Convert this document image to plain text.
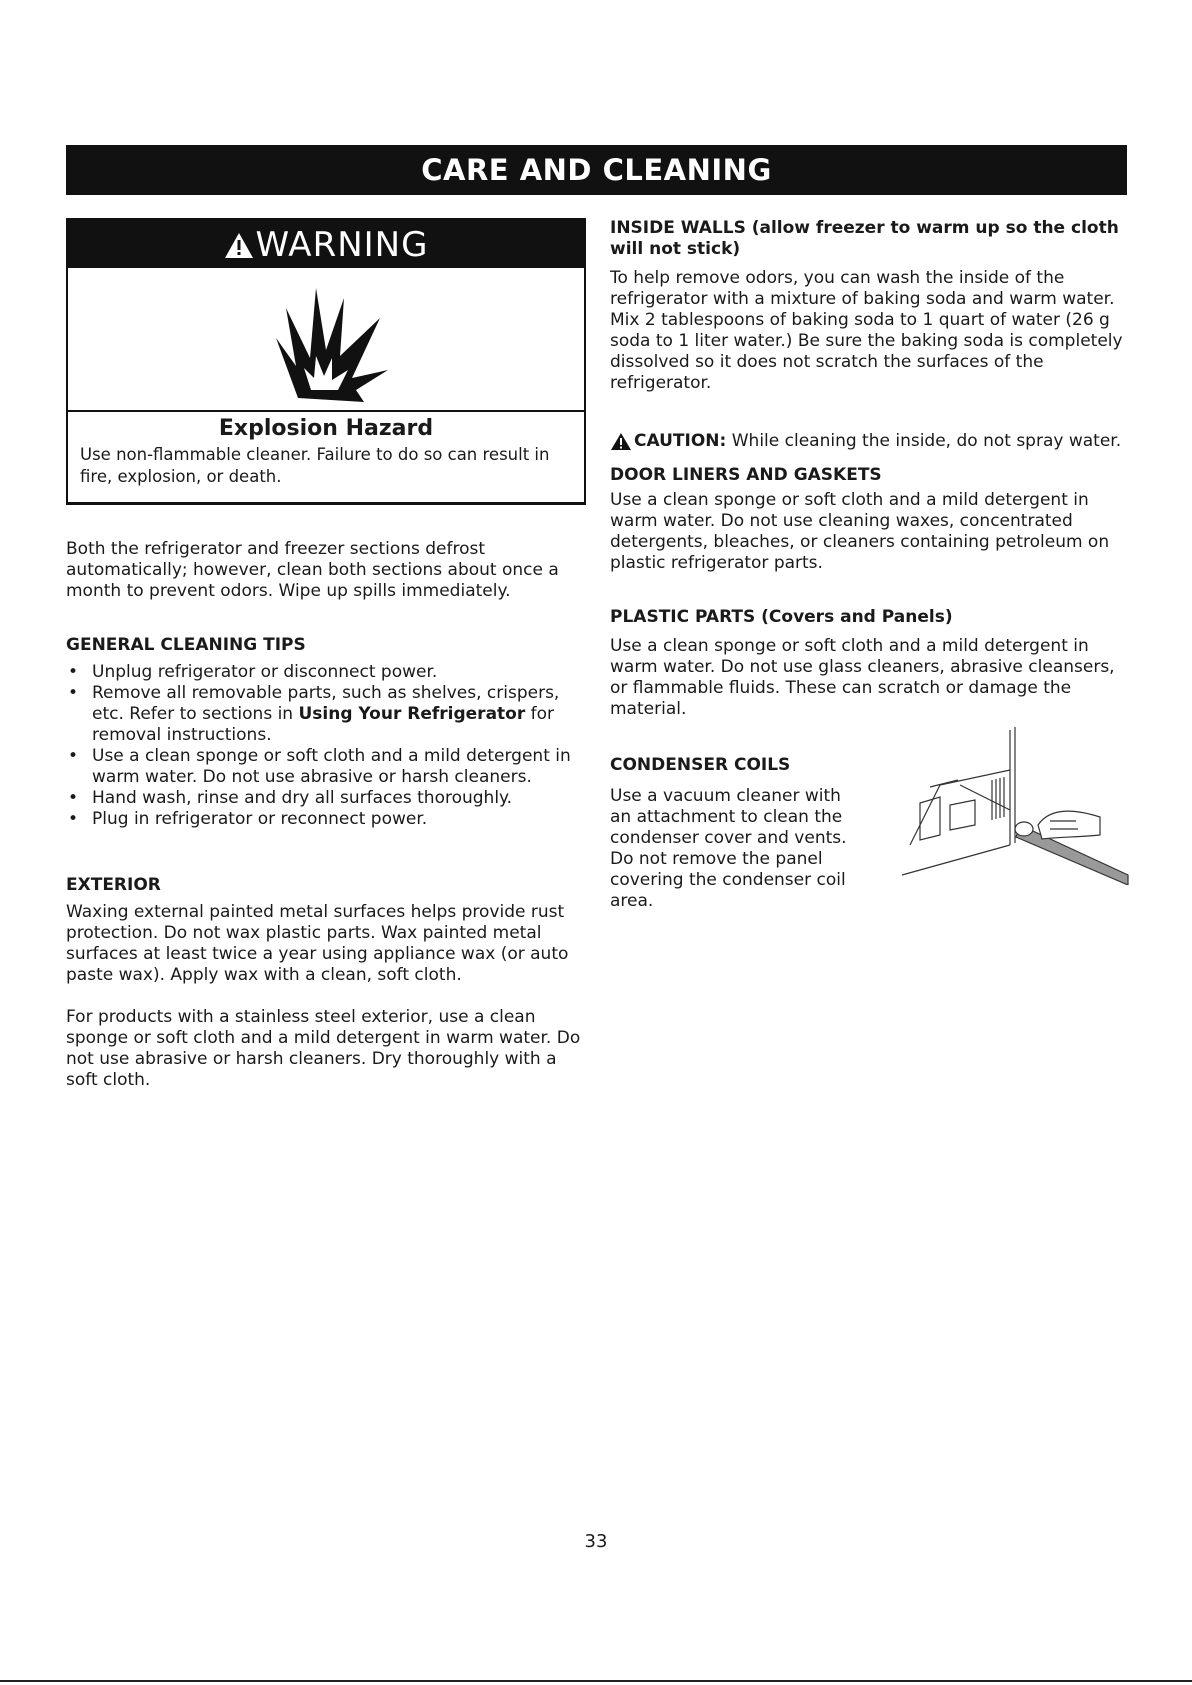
CARE AND CLEANING
WARNING
Explosion Hazard
Use non-flammable cleaner. Failure to do so can result in fire, explosion, or death.

Both the refrigerator and freezer sections defrost automatically; however, clean both sections about once a month to prevent odors. Wipe up spills immediately.

GENERAL CLEANING TIPS
• Unplug refrigerator or disconnect power.
• Remove all removable parts, such as shelves, crispers, etc. Refer to sections in Using Your Refrigerator for removal instructions.
• Use a clean sponge or soft cloth and a mild detergent in warm water. Do not use abrasive or harsh cleaners.
• Hand wash, rinse and dry all surfaces thoroughly.
• Plug in refrigerator or reconnect power.
EXTERIOR

Waxing external painted metal surfaces helps provide rust protection. Do not wax plastic parts. Wax painted metal surfaces at least twice a year using appliance wax (or auto paste wax). Apply wax with a clean, soft cloth.

For products with a stainless steel exterior, use a clean sponge or soft cloth and a mild detergent in warm water. Do not use abrasive or harsh cleaners. Dry thoroughly with a soft cloth.

INSIDE WALLS (allow freezer to warm up so the cloth will not stick)

To help remove odors, you can wash the inside of the refrigerator with a mixture of baking soda and warm water. Mix 2 tablespoons of baking soda to 1 quart of water (26 g soda to 1 liter water.) Be sure the baking soda is completely dissolved so it does not scratch the surfaces of the refrigerator.

CAUTION: While cleaning the inside, do not spray water.
DOOR LINERS AND GASKETS

Use a clean sponge or soft cloth and a mild detergent in warm water. Do not use cleaning waxes, concentrated detergents, bleaches, or cleaners containing petroleum on plastic refrigerator parts.

PLASTIC PARTS (Covers and Panels)

Use a clean sponge or soft cloth and a mild detergent in warm water. Do not use glass cleaners, abrasive cleansers, or flammable fluids. These can scratch or damage the material.

CONDENSER COILS

Use a vacuum cleaner with an attachment to clean the condenser cover and vents. Do not remove the panel covering the condenser coil area.

33
